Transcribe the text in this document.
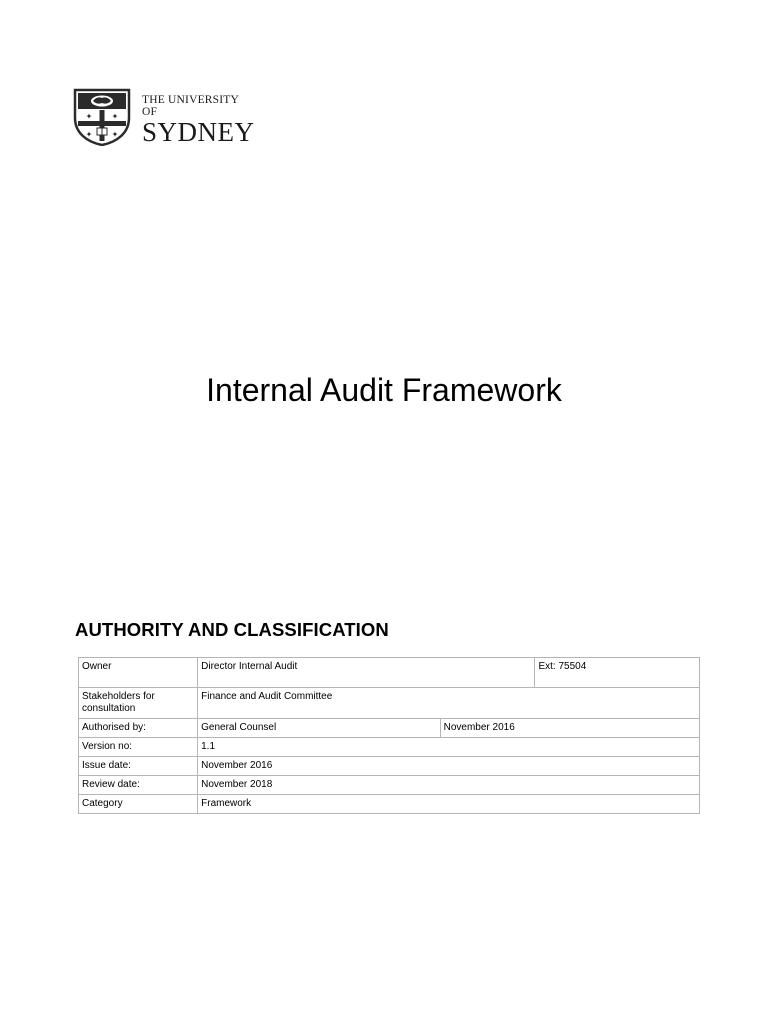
✦ ✦
✦ ✦
THE UNIVERSITY OF
SYDNEY
Internal Audit Framework
AUTHORITY AND CLASSIFICATION
Owner	Director Internal Audit		Ext: 75504
Stakeholders for consultation	Finance and Audit Committee		
Authorised by:	General Counsel	November 2016	
Version no:	1.1		
Issue date:	November 2016		
Review date:	November 2018		
Category	Framework		
